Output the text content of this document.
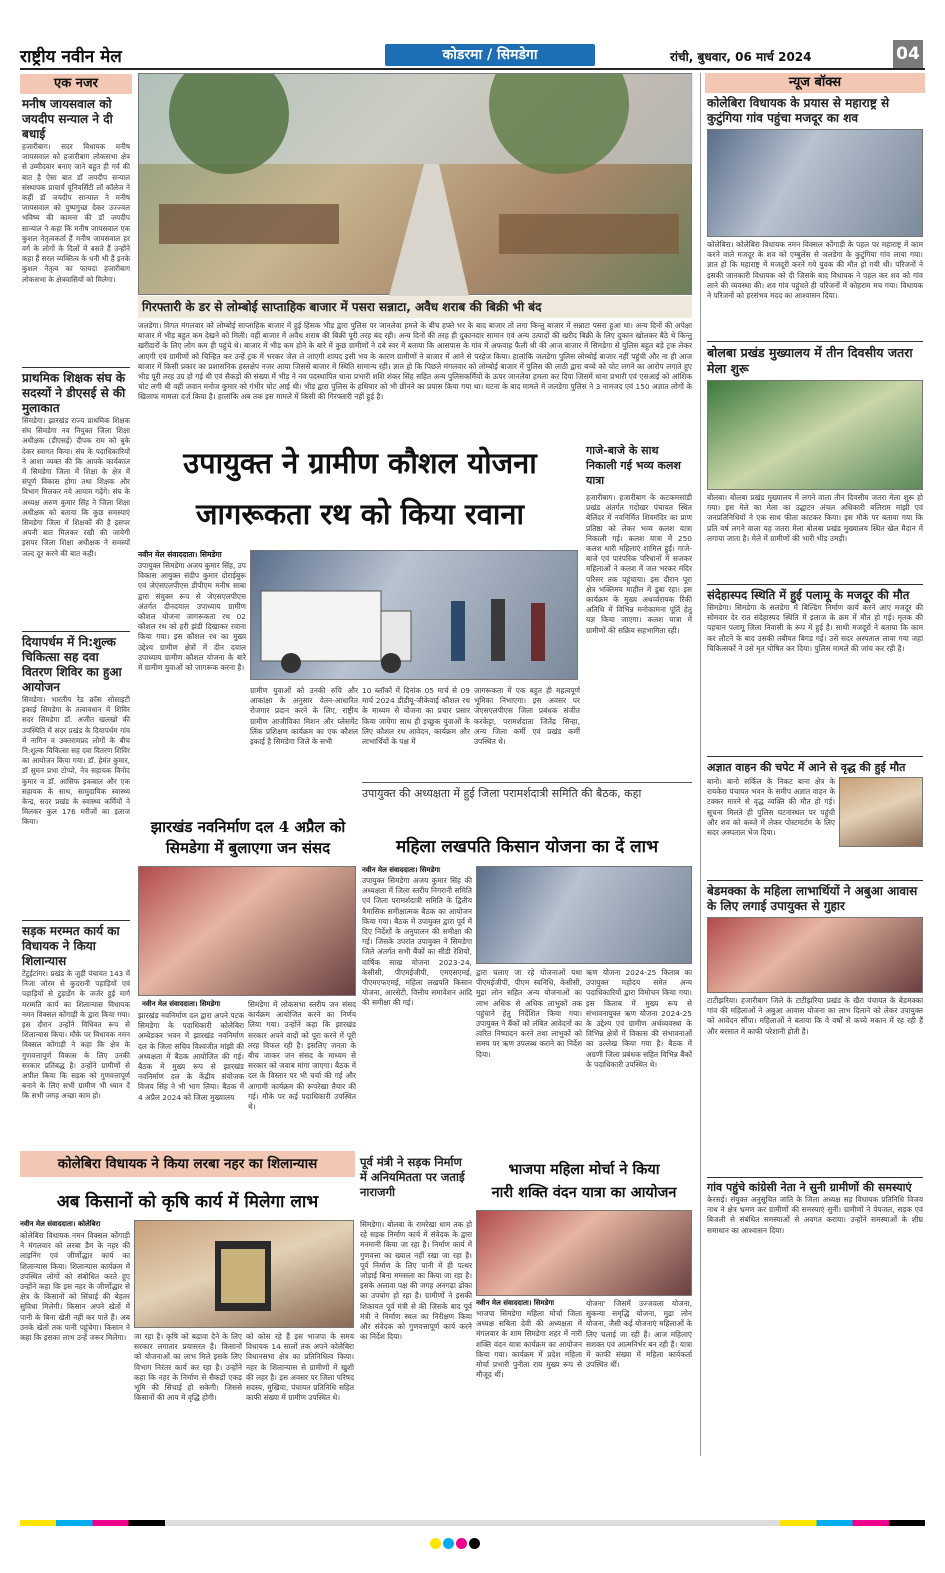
राष्ट्रीय नवीन मेल	कोडरमा / सिमडेगा	रांची, बुधवार, 06 मार्च 2024	04
एक नजर
मनीष जायसवाल को जयदीप सन्याल ने दी बधाई
हजारीबाग। सदर विधायक मनीष जायसवाल को हजारीबाग लोकसभा क्षेत्र से उम्मीदवार बनाए जाने बहुत ही गर्व की बात है ऐसा बात डॉ जयदीप सन्याल संस्थापक प्राचार्य यूनिवर्सिटी लॉ कॉलेज ने कहीं डॉ जयदीप सान्याल ने मनीष जायसवाल को पुष्पगुच्छ देकर उज्ज्वल भविष्य की कामना की डॉ जयदीप सान्याल ने कहा कि मनीष जायसवाल एक कुशल नेतृत्वकर्ता हैं मनीष जायसवाल हर वर्ग के लोगों के दिलों में बसते हैं उन्होंने कहा हैं सरल व्यक्तित्व के धनी भी हैं इनके कुशल नेतृत्व का फायदा हजारीबाग लोकसभा के क्षेत्रवासियों को मिलेगा।
प्राथमिक शिक्षक संघ के सदस्यों ने डीएसई से की मुलाकात
सिमडेगा। झारखंड राज्य प्राथमिक शिक्षक संघ सिमडेगा नव नियुक्त जिला शिक्षा अधीक्षक (डीएसई) दीपक राम को बुके देकर स्वागत किया। संघ के पदाधिकारियों ने आशा व्यक्त की कि आपके कार्यकाल में सिमडेगा जिला में शिक्षा के क्षेत्र में संपूर्ण विकास होगा तथा शिक्षक और विभाग मिलकर नये आयाम गढ़ेंगे। संघ के अध्यक्ष अरुण कुमार सिंह ने जिला शिक्षा अधीक्षक को बताया कि कुछ समस्याएं सिमडेगा जिला में शिक्षकों की है इसपर अपनी बात मिलकर रखी की जायेगी इसपर जिला शिक्षा अधीक्षक ने समस्यों जल्द दूर करने की बात कही।
दियापर्धम में नि:शुल्क चिकित्सा सह दवा वितरण शिविर का हुआ आयोजन
सिमडेगा। भारतीय रेड क्रॉस सोसाइटी इकाई सिमडेगा के तत्वावधान में शिविर सदर सिमडेगा डॉ. अजीत खलखो की उपस्थिति में सदर प्रखंड के दियापर्धम गांव में नागिन व उक्तरामप्रद लोगों के बीच नि:शुल्क चिकित्सा सह दवा वितरण शिविर का आयोजन किया गया। डॉ. हेमंत कुमार, डॉ सुमन प्रभा टोप्पो, नेत्र सहायक विनोद कुमार व डॉ. आसिफ इकबाल और एक सहायक के साथ, सामुदायिक स्वास्थ्य केन्द्र, सदर प्रखंड के स्वास्थ्य कर्मियों ने मिलकर कुल 176 मरीजों का इलाज किया।
सड़क मरम्मत कार्य का विधायक ने किया शिलान्यास
टेंटूईटांगर। प्रखंड के जुड़ी पंचायत 143 में निजा जोरम से कुदरानी पहाड़ियों एवं पहाड़ियों से टुड़ाडेंग के जर्जर हुई मार्ग मरम्मति कार्य का शिलान्यास विधायक नमन विक्सल कोंगाड़ी के द्वारा किया गया। इस दौरान उन्होंने विधिवत रूप से शिलान्यास किया। मौके पर विधायक नमन विक्सल कोंगाड़ी ने कहा कि क्षेत्र के गुणवत्तापूर्ण विकास के लिए उनकी सरकार प्रतिबद्ध है। उन्होंने ग्रामीणों से अपील किया कि सड़क को गुणवत्तापूर्ण बनाने के लिए सभी ग्रामीण भी ध्यान दें कि सभी जगह अच्छा काम हो।
गिरफ्तारी के डर से लोम्बोई साप्ताहिक बाजार में पसरा सन्नाटा, अवैध शराब की बिक्री भी बंद
जलडेगा। विगत मंगलवार को लोम्बोई साप्ताहिक बाजार में हुई हिंसक भीड़ द्वारा पुलिस पर जानलेवा हमले के बीच हफ्ते भर के बाद बाजार तो लगा किन्तु बाजार में सन्नाटा पसरा हुआ था। अन्य दिनों की अपेक्षा बाजार में भीड़ बहुत कम देखने को मिली। वहीं बाजार में अवैध शराब की बिक्री पूरी तरह बंद रही। अन्य दिनों की तरह ही दुकानदार सामान एवं अन्य उत्पादों की खरीद बिक्री के लिए दुकान खोलकर बैठे थे किन्तु खरीदारों के लिए लोग कम ही पहुंचे थे। बाजार में भीड़ कम होने के बारे में कुछ ग्रामीणों ने दबे स्वर में बताया कि आसपास के गांव में अफवाह फैली थी की आज बाजार में सिमडेगा से पुलिस बहुत बड़े ट्रक लेकर आएगी एवं ग्रामीणों को चिन्हित कर उन्हें ट्रक में भरकर जेल ले जाएगी शायद इसी भय के कारण ग्रामीणों ने बाजार में आने से परहेज किया। हालांकि जलडेगा पुलिस लोम्बोई बाजार नहीं पहुंची और ना ही आज बाजार में किसी प्रकार का प्रशासनिक हस्तक्षेप नजर आया जिससे बाजार में स्थिति सामान्य रही। ज्ञात हो कि पिछले मंगलवार को लोम्बोई बाजार में पुलिस की लाठी द्वारा बच्चे को चोट लगने का आरोप लगाते हुए भीड़ पूरी तरह उग्र हो गई थी एवं सैकड़ों की संख्या में भीड़ ने नव पदस्थापित थाना प्रभारी शशि शंकर सिंह सहित अन्य पुलिसकर्मियों के ऊपर जानलेवा हमला कर दिया जिसमें थाना प्रभारी एवं एसआई को आंशिक चोट लगी थी वहीं जवान मनोज कुमार को गंभीर चोट आई थी। भीड़ द्वारा पुलिस के हथियार को भी छीनने का प्रयास किया गया था। घटना के बाद मामले में जलडेगा पुलिस ने 3 नामजद एवं 150 अज्ञात लोगों के खिलाफ मामला दर्ज किया है। हालांकि अब तक इस मामले में किसी की गिरफ्तारी नहीं हुई है।
उपायुक्त ने ग्रामीण कौशल योजना
जागरूकता रथ को किया रवाना
नवीन मेल संवाददाता। सिमडेगा
उपायुक्त सिमडेगा अजय कुमार सिंह, उप विकास आयुक्त संदीप कुमार दोराईबुरू एवं जेएसएलपीएस डीपीएम मनीष साबा द्वारा संयुक्त रूप से जेएसएलपीएस अंतर्गत दीनदयाल उपाध्याय ग्रामीण कौशल योजना जागरूकता रथ 02 कौशल रथ को हरी झंडी दिखाकर रवाना किया गया। इस कौशल रथ का मुख्य उद्देश्य ग्रामीण क्षेत्रों में दीन दयाल उपाध्याय ग्रामीण कौशल योजना के बारे में ग्रामीण युवाओं को जागरूक करना है।
ग्रामीण युवाओं को उनकी रुचि और आकांक्षा के अनुसार वेतन-आधारित रोजगार प्रदान करने के लिए, राष्ट्रीय ग्रामीण आजीविका मिशन और प्लेसमेंट लिंक प्रशिक्षण कार्यक्रम का एक कौशल इकाई है सिमडेगा जिले के सभी
10 ब्लॉकों में दिनांक 05 मार्च से 09 मार्च 2024 डीडीयू-जीकेवाई कौशल रथ के माध्यम से योजना का प्रचार प्रसार किया जायेगा साथ ही इच्छुक युवाओं के लिए कौशल रथ आवेदन, कार्यक्रम और लाभार्थियों के पक्ष में
जागरूकता में एक बहुत ही महत्वपूर्ण भूमिका निभाएगा। इस अवसर पर जेएसएलपीएस जिला प्रबंधक संजीत करकेट्टा, परामर्शदाता जितेंद्र सिन्हा, अन्य जिला कर्मी एवं प्रखंड कर्मी उपस्थित थे।
गाजे-बाजे के साथ निकाली गई भव्य कलश यात्रा
हजारीबाग। हजारीबाग के कटकमसांडी प्रखंड अंतर्गत गदोखर पंचायत स्थित बेलिंदर में नवनिर्मित शिवमंदिर का प्राण प्रतिष्ठा को लेकर भव्य कलश यात्रा निकाली गई। कलश यात्रा में 250 कलश धारी महिलाएं शामिल हुईं। गाजे-बाजे एवं पारंपरिक परिधानों में सजकर महिलाओं ने कलश में जल भरकर मंदिर परिसर तक पहुंचाया। इस दौरान पूरा क्षेत्र भक्तिमय माहौल में डूबा रहा। इस कार्यक्रम के मुख्य अथर्व्वरायक रिंकी अतिथि में विभिन्न मनोकामना पूर्ति हेतु यज्ञ किया जाएगा। कलश यात्रा में ग्रामीणों की सक्रिय सहभागिता रही।
उपायुक्त की अध्यक्षता में हुई जिला परामर्शदात्री समिति की बैठक, कहा
झारखंड नवनिर्माण दल 4 अप्रैल को
सिमडेगा में बुलाएगा जन संसद
नवीन मेल संवाददाता। सिमडेगा
झारखंड नवनिर्माण दल द्वारा अपने पटक सिमडेगा के पदाधिकारी कोलेबिरा अम्बेडकर भवन में झारखंड नवनिर्माण दल के जिला सचिव विश्वजीत मांझी की अध्यक्षता में बैठक आयोजित की गई। बैठक में मुख्य रूप से झारखंड नवनिर्माण दल के केंद्रीय संयोजक विजय सिंह ने भी भाग लिया। बैठक में 4 अप्रैल 2024 को जिला मुख्यालय
सिमडेगा में लोकसभा स्तरीय जन संसद कार्यक्रम आयोजित करने का निर्णय लिया गया। उन्होंने कहा कि झारखंड सरकार अपने वादों को पूरा करने में पूरी तरह विफल रही है। इसलिए जनता के बीच जाकर जन संसद के माध्यम से सरकार को जवाब मांगा जाएगा। बैठक में दल के विस्तार पर भी चर्चा की गई और आगामी कार्यक्रम की रूपरेखा तैयार की गई। मौके पर कई पदाधिकारी उपस्थित थे।
महिला लखपति किसान योजना का दें लाभ
नवीन मेल संवाददाता। सिमडेगा
उपायुक्त सिमडेगा अजय कुमार सिंह की अध्यक्षता में जिला स्तरीय निगरानी समिति एवं जिला परामर्शदात्री समिति के द्वितीय त्रैमासिक समीक्षात्मक बैठक का आयोजन किया गया। बैठक में उपायुक्त द्वारा पूर्व में दिए निर्देशों के अनुपालन की समीक्षा की गई। जिसके उपरांत उपायुक्त ने सिमडेगा जिले अंतर्गत सभी बैंकों का सीडी रेशियो, वार्षिक साख योजना 2023-24, केसीसी, पीएमईजीपी, एमएसएमई, पीएमएफएमई, महिला लखपति किसान योजना, आरसेटी, वित्तीय समावेशन आदि की समीक्षा की गई।
द्वारा चलाए जा रहे योजनाओं यथा पीएमईजीपी, पीएम स्वनिधि, केसीसी, मुद्रा लोन सहित अन्य योजनाओं का लाभ अधिक से अधिक लाभुकों तक पहुंचाने हेतु निर्देशित किया गया। उपायुक्त ने बैंकों को लंबित आवेदनों का त्वरित निष्पादन करने तथा लाभुकों को समय पर ऋण उपलब्ध कराने का निर्देश दिया।
ऋण योजना 2024-25 किताब का उपायुक्त महोदय समेत अन्य पदाधिकारियों द्वारा विमोचन किया गया। इस किताब में मुख्य रूप से संभावनायुक्त ऋण योजना 2024-25 के उद्देश्य एवं ग्रामीण अर्थव्यवस्था के विभिन्न क्षेत्रों में विकास की संभावनाओं का उल्लेख किया गया है। बैठक में अग्रणी जिला प्रबंधक सहित विभिन्न बैंकों के पदाधिकारी उपस्थित थे।
कोलेबिरा विधायक ने किया लरबा नहर का शिलान्यास
अब किसानों को कृषि कार्य में मिलेगा लाभ
नवीन मेल संवाददाता। कोलेबिरा
कोलेबिरा विधायक नमन विक्सल कोंगाड़ी ने मंगलवार को लरबा डैम के नहर की लाइनिंग एवं जीर्णोद्धार कार्य का शिलान्यास किया। शिलान्यास कार्यक्रम में उपस्थित लोगों को संबोधित करते हुए उन्होंने कहा कि इस नहर के जीर्णोद्धार से क्षेत्र के किसानों को सिंचाई की बेहतर सुविधा मिलेगी। किसान अपने खेतों में पानी के बिना खेती नहीं कर पाते हैं। अब उनके खेतों तक पानी पहुंचेगा। किसान ने कहा कि इसका लाभ उन्हें जरूर मिलेगा।	जा रहा है। कृषि को बढ़ावा देने के लिए सरकार लगातार प्रयासरत है। किसानों को योजनाओं का लाभ मिले इसके लिए विभाग निरंतर कार्य कर रहा है। उन्होंने कहा कि नहर के निर्माण से सैकड़ों एकड़ भूमि की सिंचाई हो सकेगी। जिससे किसानों की आय में वृद्धि होगी।
को कोस रहे हैं इस भाजपा के समय विधायक 14 सालों तक अपने कोलेबिरा विधानसभा क्षेत्र का प्रतिनिधित्व किया। नहर के शिलान्यास से ग्रामीणों में खुशी की लहर है। इस अवसर पर जिला परिषद सदस्य, मुखिया, पंचायत प्रतिनिधि सहित काफी संख्या में ग्रामीण उपस्थित थे।
पूर्व मंत्री ने सड़क निर्माण में अनियमितता पर जताई नाराजगी
सिमडेगा। बोलबा के रामरेखा धाम तक हो रहे सड़क निर्माण कार्य में संवेदक के द्वारा मनमानी किया जा रहा है। निर्माण कार्य में गुणवत्ता का ख्याल नहीं रखा जा रहा है। पूर्व निर्माण के लिए पानी में ही पत्थर जोड़ाई बिना ममसला का किया जा रहा है। इसके अलावा पक्ष की जगह अनगढ़ा ढोका का उपयोग हो रहा है। ग्रामीणों ने इसकी शिकायत पूर्व मंत्री से की जिसके बाद पूर्व मंत्री ने निर्माण स्थल का निरीक्षण किया और संवेदक को गुणवत्तापूर्ण कार्य करने का निर्देश दिया।
भाजपा महिला मोर्चा ने किया
नारी शक्ति वंदन यात्रा का आयोजन
नवीन मेल संवाददाता। सिमडेगा
भाजपा सिमडेगा महिला मोर्चा जिला अध्यक्ष सबिता देवी की अध्यक्षता में मंगलवार के शाम सिमडेगा शहर में नारी शक्ति वंदन यात्रा कार्यक्रम का आयोजन किया गया। कार्यक्रम में प्रदेश महिला मोर्चा प्रभारी पुनीता राय मुख्य रूप से मौजूद थीं।
योजना' जिसमें उज्जवला योजना, सुकन्या समृद्धि योजना, मुद्रा लोन योजना, जैसी कई योजनाएं महिलाओं के लिए चलाई जा रही हैं। आज महिलाएं सशक्त एवं आत्मनिर्भर बन रही हैं। यात्रा में काफी संख्या में महिला कार्यकर्ता उपस्थित थीं।
न्यूज बॉक्स
कोलेबिरा विधायक के प्रयास से महाराष्ट्र से कुटुंगिया गांव पहुंचा मजदूर का शव
कोलेबिरा। कोलेबिरा विधायक नमन विक्सल कोंगाड़ी के पहल पर महाराष्ट्र में काम करने वाले मजदूर के शव को एम्बुलेंस से जलडेगा के कुटुंगिया गांव लाया गया। ज्ञात हो कि महाराष्ट्र में मजदूरी करने गये युवक की मौत हो गयी थी। परिजनों ने इसकी जानकारी विधायक को दी जिसके बाद विधायक ने पहल कर शव को गांव लाने की व्यवस्था की। शव गांव पहुंचते ही परिजनों में कोहराम मच गया। विधायक ने परिजनों को हरसंभव मदद का आश्वासन दिया।
बोलबा प्रखंड मुख्यालय में तीन दिवसीय जतरा मेला शुरू
बोलबा। बोलबा प्रखंड मुख्यालय में लगने वाला तीन दिवसीय जतरा मेला शुरू हो गया। इस मेले का मेला का उद्घाटन अंचल अधिकारी बलिराम मांझी एवं जनप्रतिनिधियों ने एक साथ फीता काटकर किया। इस मौके पर बताया गया कि प्रति वर्ष लगने वाला यह जतरा मेला बोलबा प्रखंड मुख्यालय स्थित खेल मैदान में लगाया जाता है। मेले में ग्रामीणों की भारी भीड़ उमड़ी।
संदेहास्पद स्थिति में हुई पलामू के मजदूर की मौत
सिमडेगा। सिमडेगा के सलडेगा में बिल्डिंग निर्माण कार्य करने आए मजदूर की सोमवार देर रात संदेहास्पद स्थिति में इलाज के क्रम में मौत हो गई। मृतक की पहचान पलामू जिला निवासी के रूप में हुई है। साथी मजदूरों ने बताया कि काम कर लौटने के बाद उसकी तबीयत बिगड़ गई। उसे सदर अस्पताल लाया गया जहां चिकित्सकों ने उसे मृत घोषित कर दिया। पुलिस मामले की जांच कर रही है।
अज्ञात वाहन की चपेट में आने से वृद्ध की हुई मौत
बानो। बानो सर्किल के निकट बाना क्षेत्र के रायकेरा पंचायत भवन के समीप अज्ञात वाहन के टक्कर मारने से वृद्ध व्यक्ति की मौत हो गई। सूचना मिलते ही पुलिस घटनास्थल पर पहुंची और शव को कब्जे में लेकर पोस्टमार्टम के लिए सदर अस्पताल भेज दिया।
बेडमक्का के महिला लाभार्थियों ने अबुआ आवास के लिए लगाई उपायुक्त से गुहार
टाटीझरिया। हजारीबाग जिले के टाटीझरिया प्रखंड के खैरा पंचायत के बेडमक्का गांव की महिलाओं ने अबुआ आवास योजना का लाभ दिलाने को लेकर उपायुक्त को आवेदन सौंपा। महिलाओं ने बताया कि वे वर्षों से कच्चे मकान में रह रही हैं और बरसात में काफी परेशानी होती है।
गांव पहुंचे कांग्रेसी नेता ने सुनी ग्रामीणों की समस्याएं
केरसई। संयुक्त अनुसूचित जाति के जिला अध्यक्ष सह विधायक प्रतिनिधि विजय नाथ ने क्षेत्र भ्रमण कर ग्रामीणों की समस्याएं सुनीं। ग्रामीणों ने पेयजल, सड़क एवं बिजली से संबंधित समस्याओं से अवगत कराया। उन्होंने समस्याओं के शीघ्र समाधान का आश्वासन दिया।
